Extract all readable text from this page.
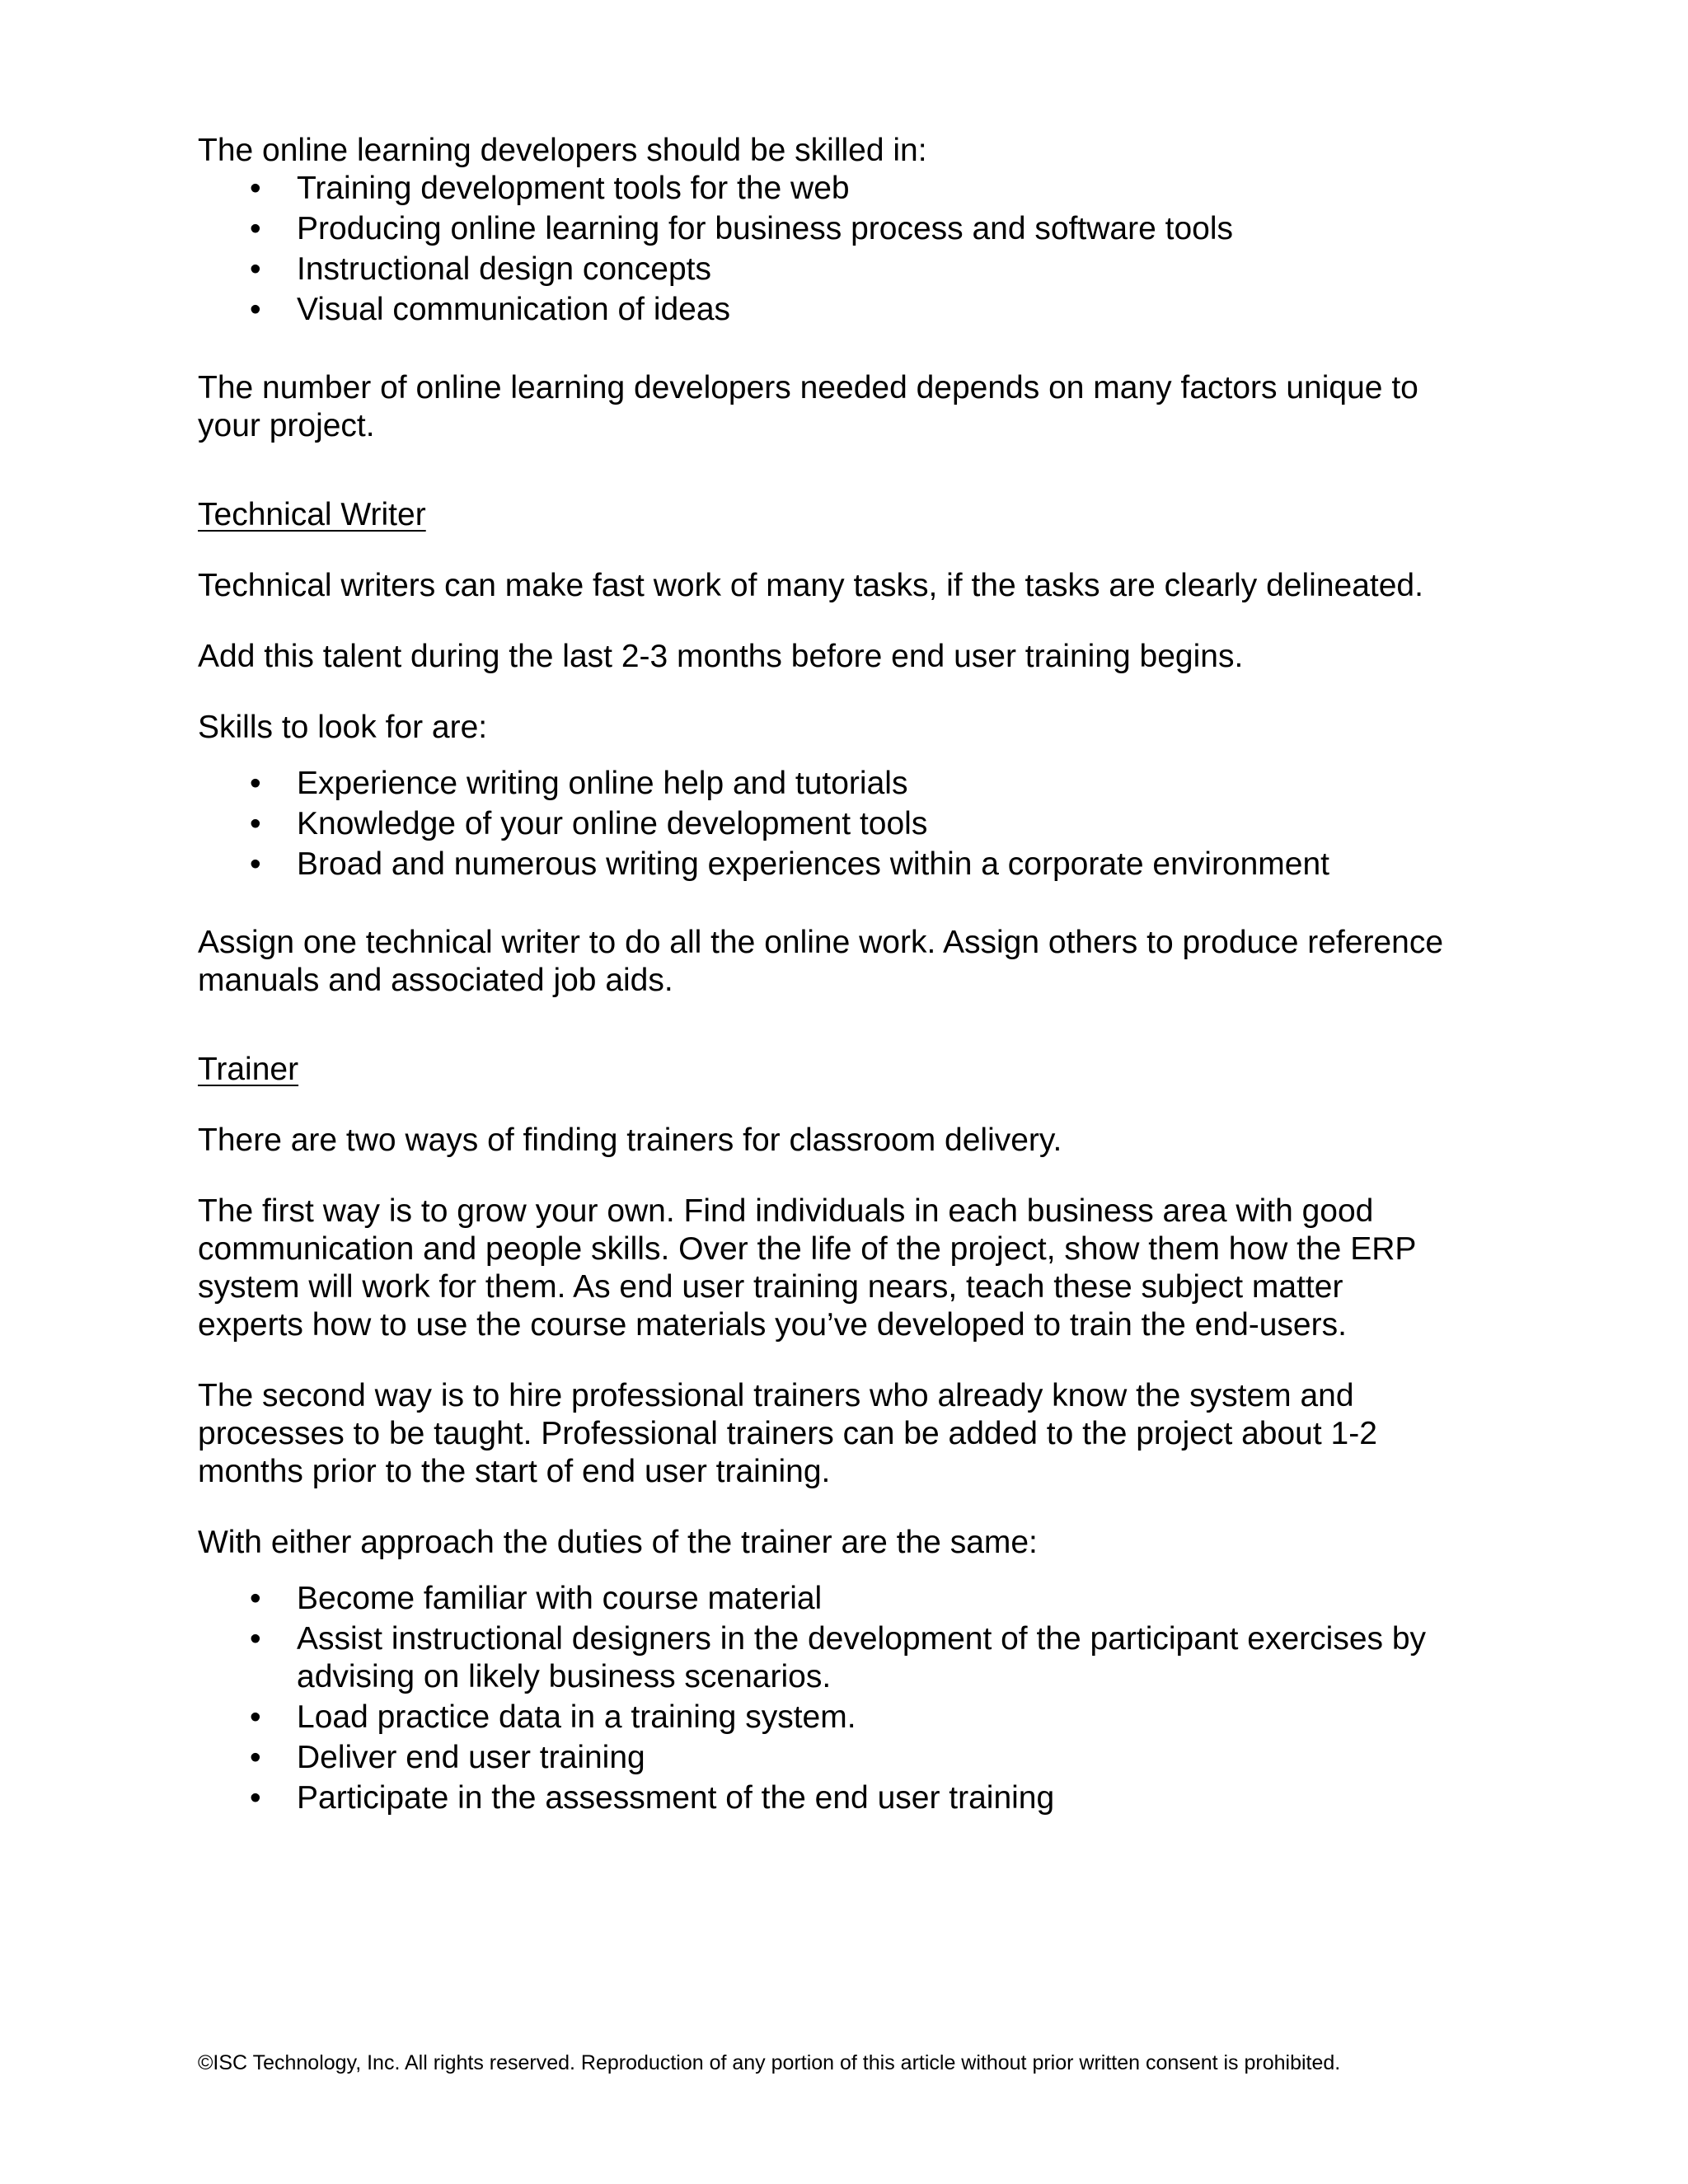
The online learning developers should be skilled in:

• Training development tools for the web
• Producing online learning for business process and software tools
• Instructional design concepts
• Visual communication of ideas

The number of online learning developers needed depends on many factors unique to your project.

Technical Writer

Technical writers can make fast work of many tasks, if the tasks are clearly delineated.

Add this talent during the last 2-3 months before end user training begins.

Skills to look for are:

• Experience writing online help and tutorials
• Knowledge of your online development tools
• Broad and numerous writing experiences within a corporate environment

Assign one technical writer to do all the online work. Assign others to produce reference manuals and associated job aids.

Trainer

There are two ways of finding trainers for classroom delivery.

The first way is to grow your own. Find individuals in each business area with good communication and people skills. Over the life of the project, show them how the ERP system will work for them. As end user training nears, teach these subject matter experts how to use the course materials you’ve developed to train the end-users.

The second way is to hire professional trainers who already know the system and processes to be taught. Professional trainers can be added to the project about 1-2 months prior to the start of end user training.

With either approach the duties of the trainer are the same:

• Become familiar with course material
• Assist instructional designers in the development of the participant exercises by advising on likely business scenarios.
• Load practice data in a training system.
• Deliver end user training
• Participate in the assessment of the end user training
©ISC Technology, Inc. All rights reserved. Reproduction of any portion of this article without prior written consent is prohibited.
